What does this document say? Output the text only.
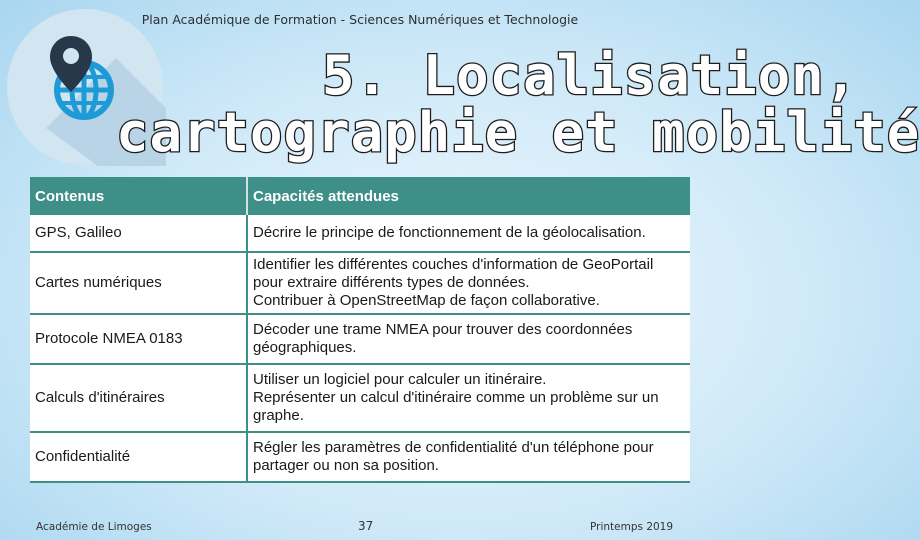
Plan Académique de Formation - Sciences Numériques et Technologie
5. Localisation,
cartographie et mobilité
Contenus	Capacités attendues
GPS, Galileo	Décrire le principe de fonctionnement de la géolocalisation.

Cartes numériques	Identifier les différentes couches d'information de GeoPortail pour extraire différents types de données.
Contribuer à OpenStreetMap de façon collaborative.

Protocole NMEA 0183	Décoder une trame NMEA pour trouver des coordonnées géographiques.

Calculs d'itinéraires	Utiliser un logiciel pour calculer un itinéraire.
Représenter un calcul d'itinéraire comme un problème sur un graphe.

Confidentialité	Régler les paramètres de confidentialité d'un téléphone pour partager ou non sa position.
Académie de Limoges	37	Printemps 2019
